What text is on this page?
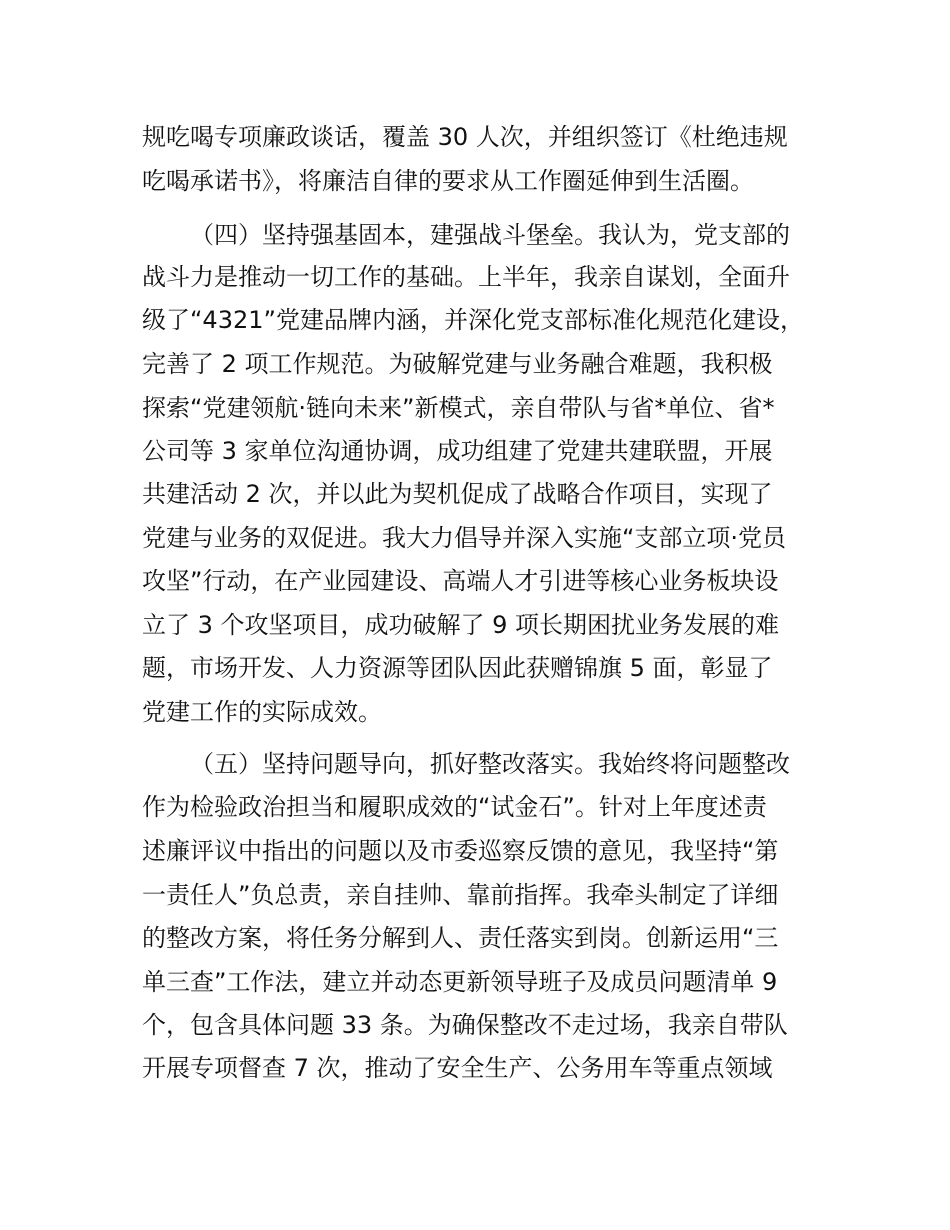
规吃喝专项廉政谈话，覆盖 30 人次，并组织签订《杜绝违规

吃喝承诺书》，将廉洁自律的要求从工作圈延伸到生活圈。

（四）坚持强基固本，建强战斗堡垒。我认为，党支部的

战斗力是推动一切工作的基础。上半年，我亲自谋划，全面升

级了“4321”党建品牌内涵，并深化党支部标准化规范化建设，

完善了 2 项工作规范。为破解党建与业务融合难题，我积极

探索“党建领航·链向未来”新模式，亲自带队与省*单位、省*

公司等 3 家单位沟通协调，成功组建了党建共建联盟，开展

共建活动 2 次，并以此为契机促成了战略合作项目，实现了

党建与业务的双促进。我大力倡导并深入实施“支部立项·党员

攻坚”行动，在产业园建设、高端人才引进等核心业务板块设

立了 3 个攻坚项目，成功破解了 9 项长期困扰业务发展的难

题，市场开发、人力资源等团队因此获赠锦旗 5 面，彰显了

党建工作的实际成效。

（五）坚持问题导向，抓好整改落实。我始终将问题整改

作为检验政治担当和履职成效的“试金石”。针对上年度述责

述廉评议中指出的问题以及市委巡察反馈的意见，我坚持“第

一责任人”负总责，亲自挂帅、靠前指挥。我牵头制定了详细

的整改方案，将任务分解到人、责任落实到岗。创新运用“三

单三查”工作法，建立并动态更新领导班子及成员问题清单 9

个，包含具体问题 33 条。为确保整改不走过场，我亲自带队

开展专项督查 7 次，推动了安全生产、公务用车等重点领域
